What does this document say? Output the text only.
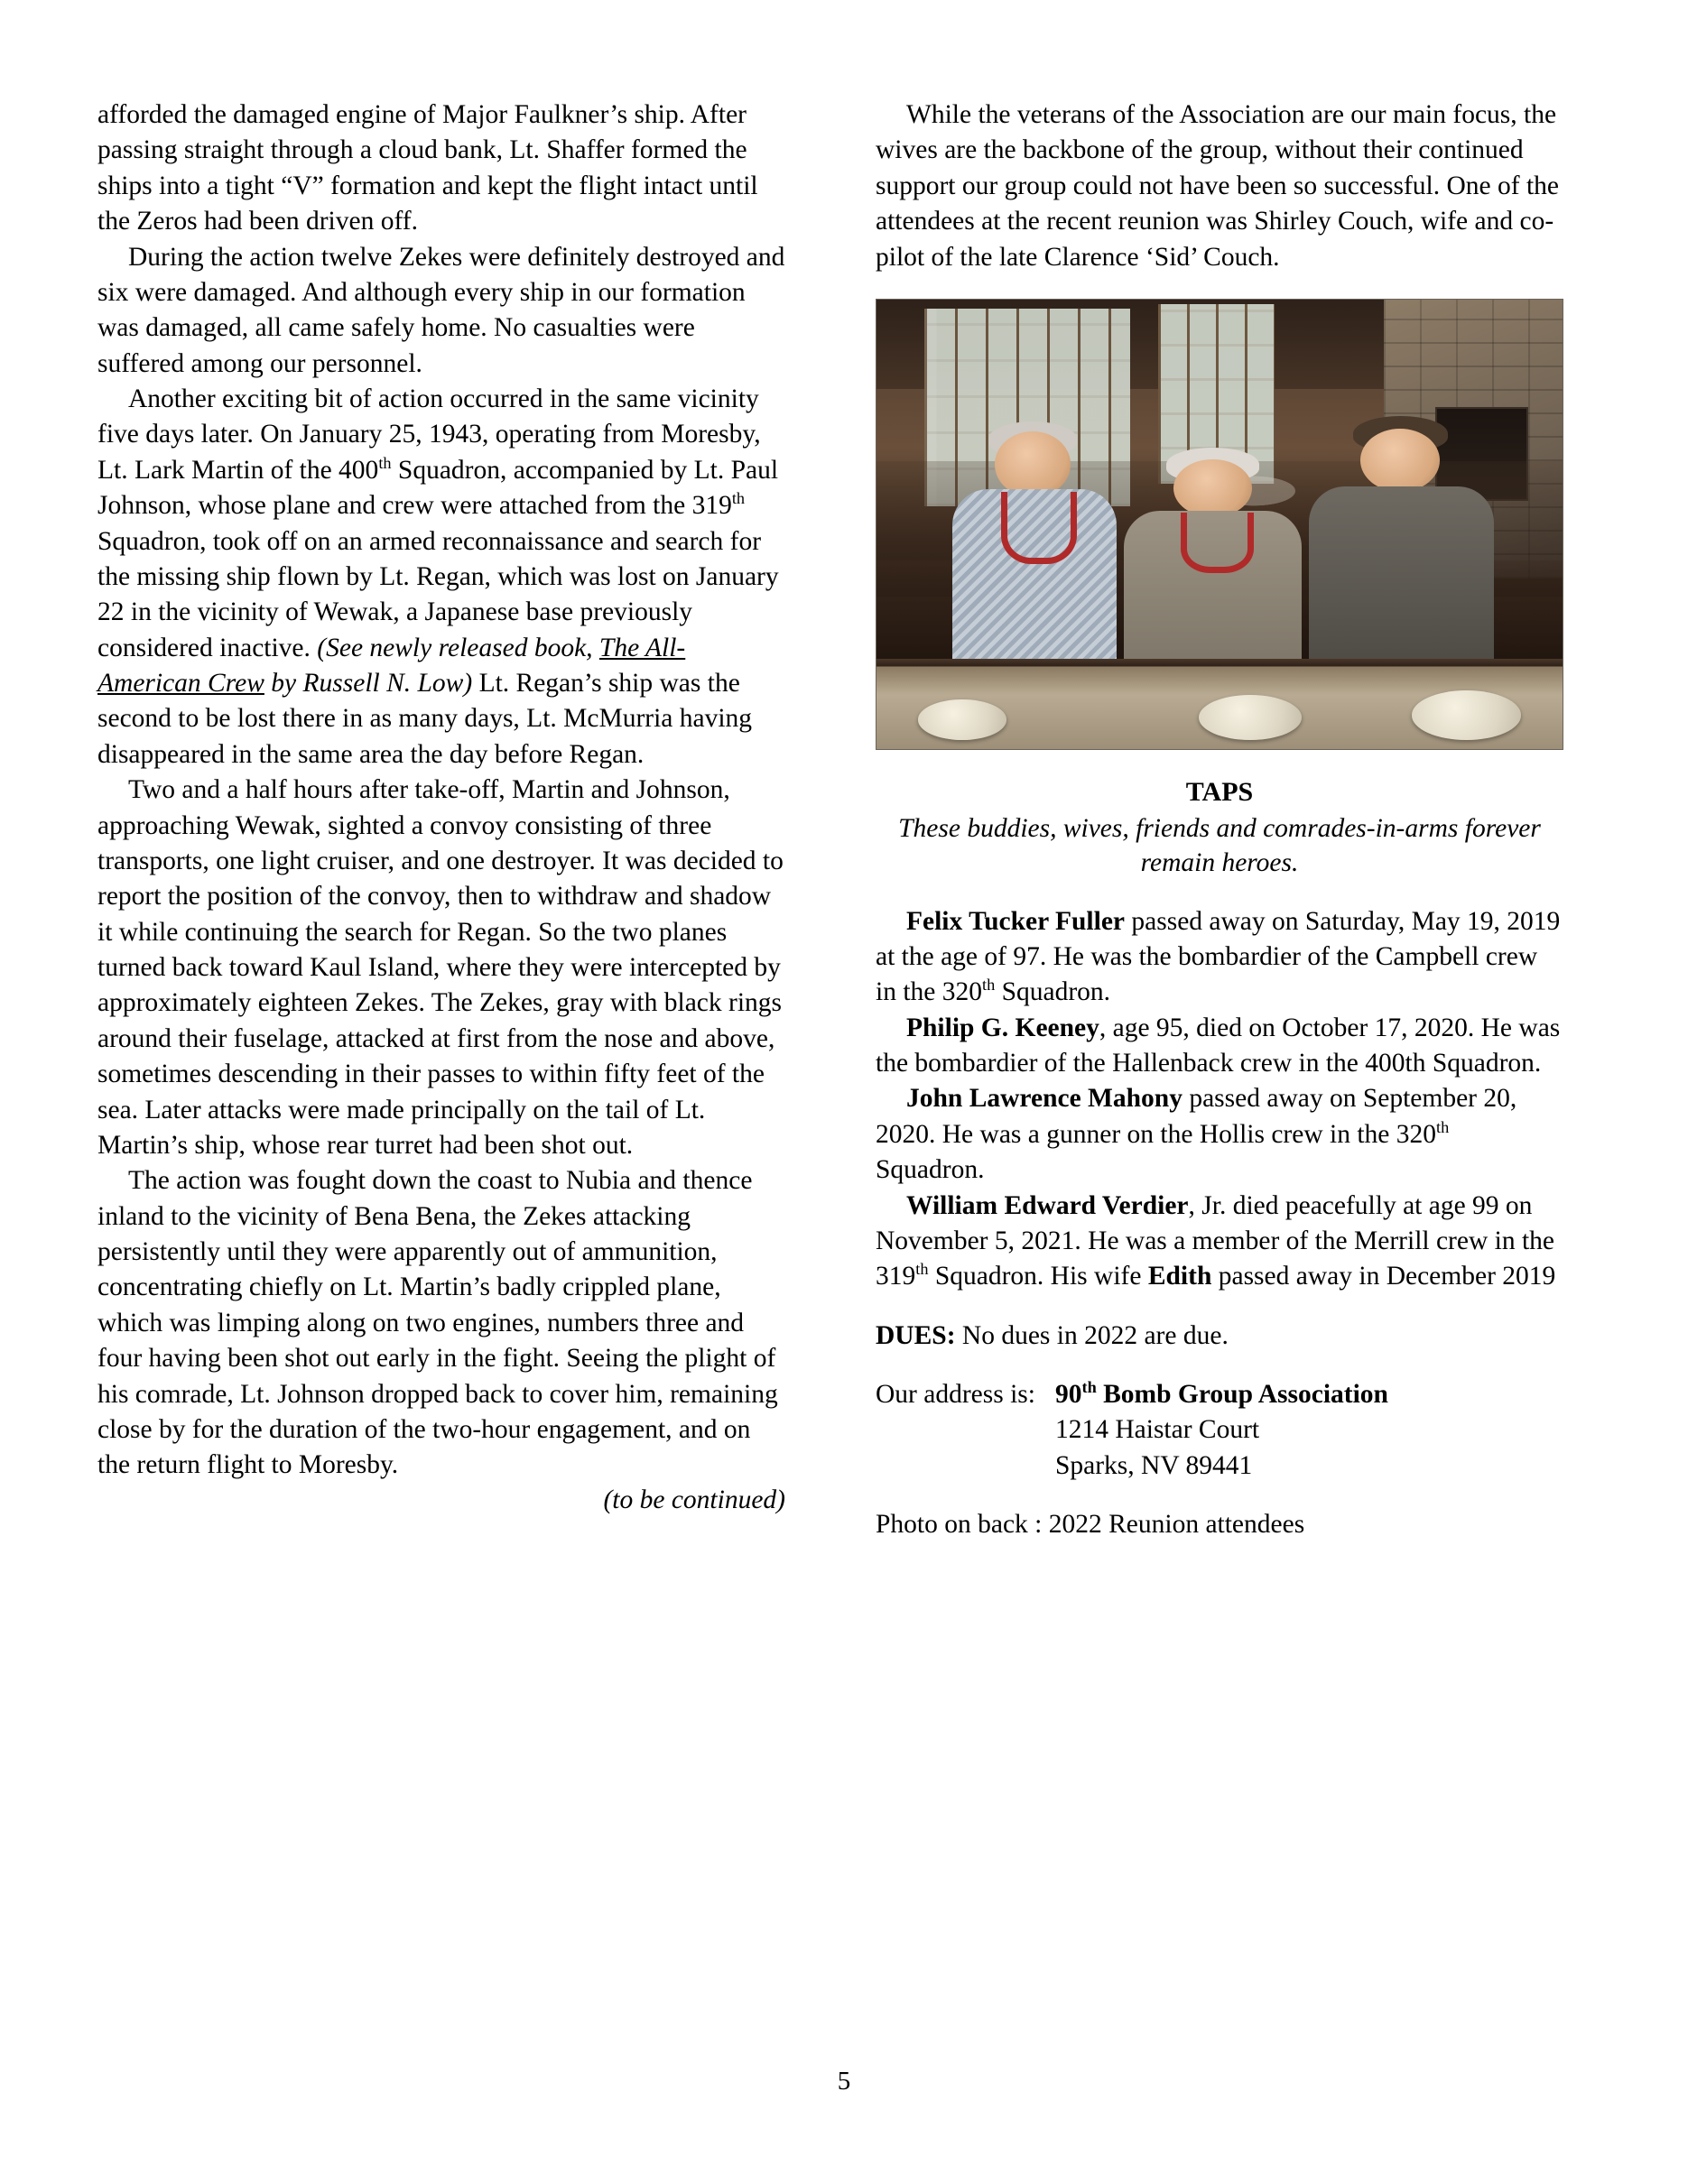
afforded the damaged engine of Major Faulkner’s ship. After passing straight through a cloud bank, Lt. Shaffer formed the ships into a tight “V” formation and kept the flight intact until the Zeros had been driven off.

During the action twelve Zekes were definitely destroyed and six were damaged. And although every ship in our formation was damaged, all came safely home. No casualties were suffered among our personnel.

Another exciting bit of action occurred in the same vicinity five days later. On January 25, 1943, operating from Moresby, Lt. Lark Martin of the 400th Squadron, accompanied by Lt. Paul Johnson, whose plane and crew were attached from the 319th Squadron, took off on an armed reconnaissance and search for the missing ship flown by Lt. Regan, which was lost on January 22 in the vicinity of Wewak, a Japanese base previously considered inactive. (See newly released book, The All-American Crew by Russell N. Low) Lt. Regan’s ship was the second to be lost there in as many days, Lt. McMurria having disappeared in the same area the day before Regan.

Two and a half hours after take-off, Martin and Johnson, approaching Wewak, sighted a convoy consisting of three transports, one light cruiser, and one destroyer. It was decided to report the position of the convoy, then to withdraw and shadow it while continuing the search for Regan. So the two planes turned back toward Kaul Island, where they were intercepted by approximately eighteen Zekes. The Zekes, gray with black rings around their fuselage, attacked at first from the nose and above, sometimes descending in their passes to within fifty feet of the sea. Later attacks were made principally on the tail of Lt. Martin’s ship, whose rear turret had been shot out.

The action was fought down the coast to Nubia and thence inland to the vicinity of Bena Bena, the Zekes attacking persistently until they were apparently out of ammunition, concentrating chiefly on Lt. Martin’s badly crippled plane, which was limping along on two engines, numbers three and four having been shot out early in the fight. Seeing the plight of his comrade, Lt. Johnson dropped back to cover him, remaining close by for the duration of the two-hour engagement, and on the return flight to Moresby.

(to be continued)

While the veterans of the Association are our main focus, the wives are the backbone of the group, without their continued support our group could not have been so successful. One of the attendees at the recent reunion was Shirley Couch, wife and co-pilot of the late Clarence ‘Sid’ Couch.

TAPS

These buddies, wives, friends and comrades-in-arms forever remain heroes.

Felix Tucker Fuller passed away on Saturday, May 19, 2019 at the age of 97. He was the bombardier of the Campbell crew in the 320th Squadron.

Philip G. Keeney, age 95, died on October 17, 2020. He was the bombardier of the Hallenback crew in the 400th Squadron.

John Lawrence Mahony passed away on September 20, 2020. He was a gunner on the Hollis crew in the 320th Squadron.

William Edward Verdier, Jr. died peacefully at age 99 on November 5, 2021. He was a member of the Merrill crew in the 319th Squadron. His wife Edith passed away in December 2019

DUES: No dues in 2022 are due.

Our address is: 90th Bomb Group Association
1214 Haistar Court
Sparks, NV 89441

Photo on back : 2022 Reunion attendees

5
